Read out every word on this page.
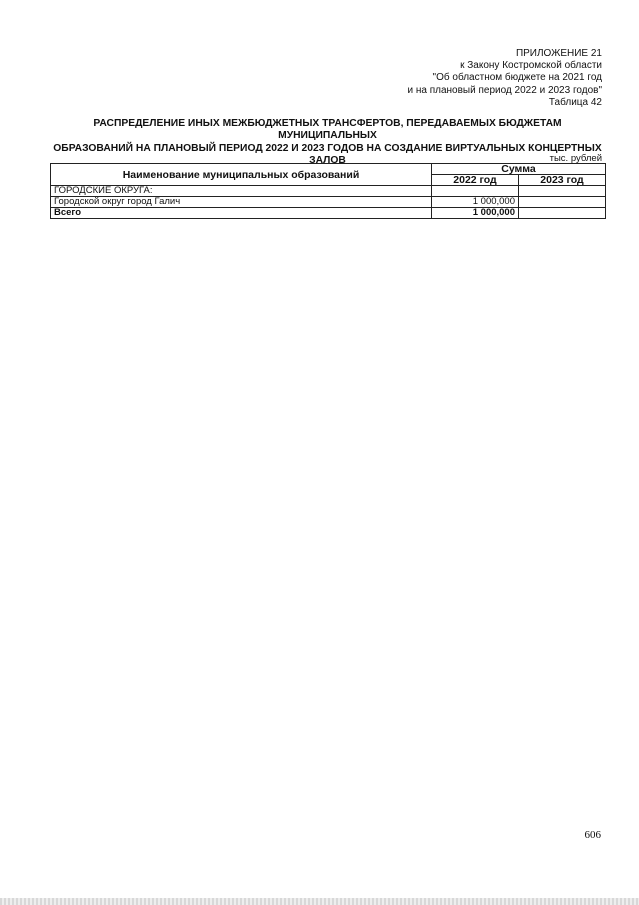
ПРИЛОЖЕНИЕ 21
к Закону Костромской области
"Об областном бюджете на 2021 год
и на плановый период 2022 и 2023 годов"
Таблица 42
РАСПРЕДЕЛЕНИЕ ИНЫХ МЕЖБЮДЖЕТНЫХ ТРАНСФЕРТОВ, ПЕРЕДАВАЕМЫХ БЮДЖЕТАМ МУНИЦИПАЛЬНЫХ
ОБРАЗОВАНИЙ НА ПЛАНОВЫЙ ПЕРИОД 2022 И 2023 ГОДОВ НА СОЗДАНИЕ ВИРТУАЛЬНЫХ КОНЦЕРТНЫХ
ЗАЛОВ	тыс. рублей
Наименование муниципальных образований	Сумма	
	2022 год	2023 год
ГОРОДСКИЕ ОКРУГА:		
Городской округ город Галич	1 000,000	
Всего	1 000,000	
606
